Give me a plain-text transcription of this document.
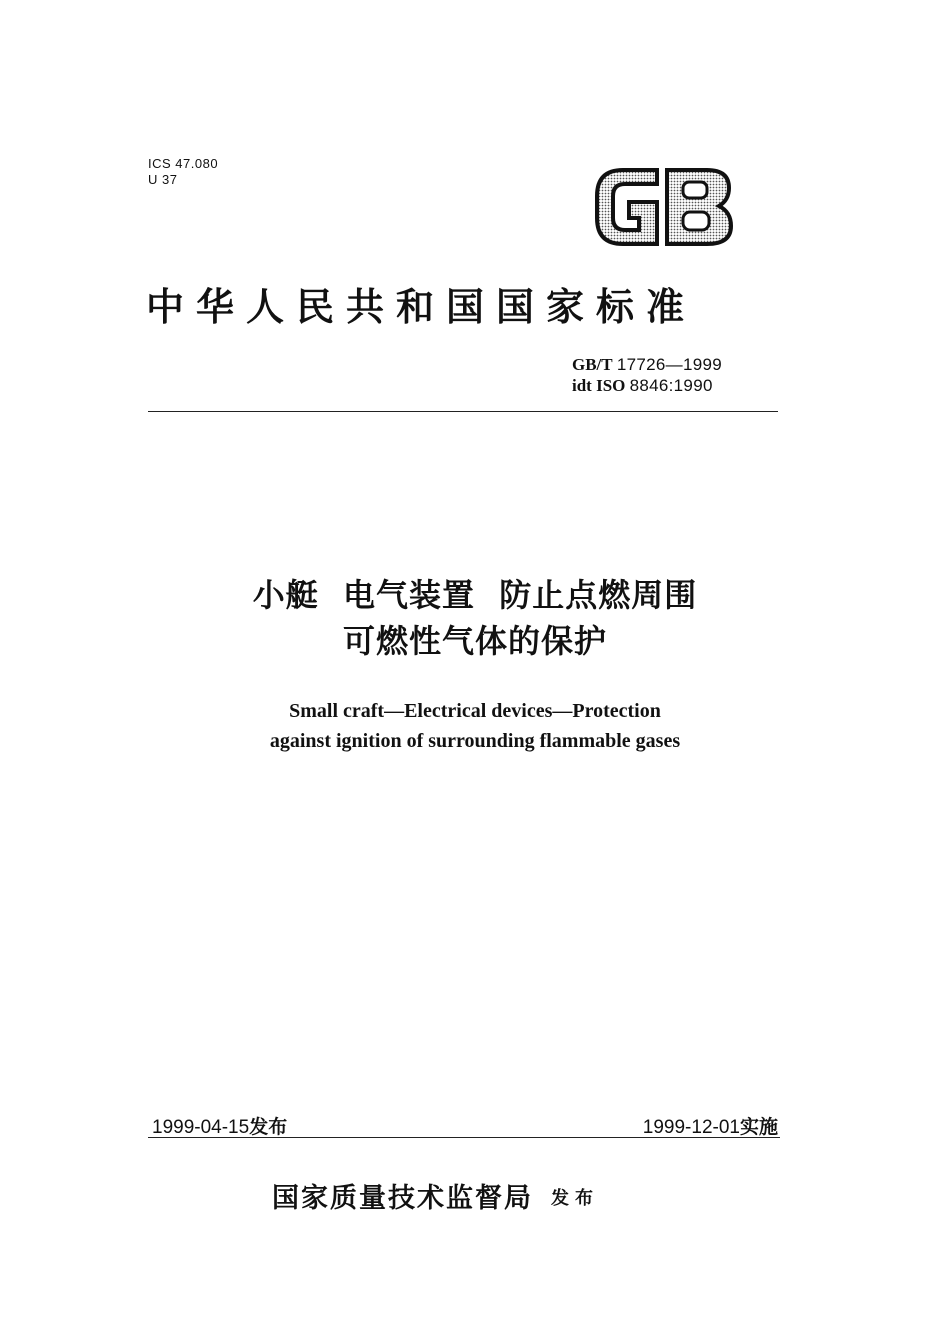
ICS 47.080
U 37
GB
中华人民共和国国家标准
GB/T 17726—1999
idt ISO 8846:1990
小艇  电气装置  防止点燃周围
可燃性气体的保护
Small craft—Electrical devices—Protection
against ignition of surrounding flammable gases
1999-04-15发布	1999-12-01实施
国家质量技术监督局 发布
